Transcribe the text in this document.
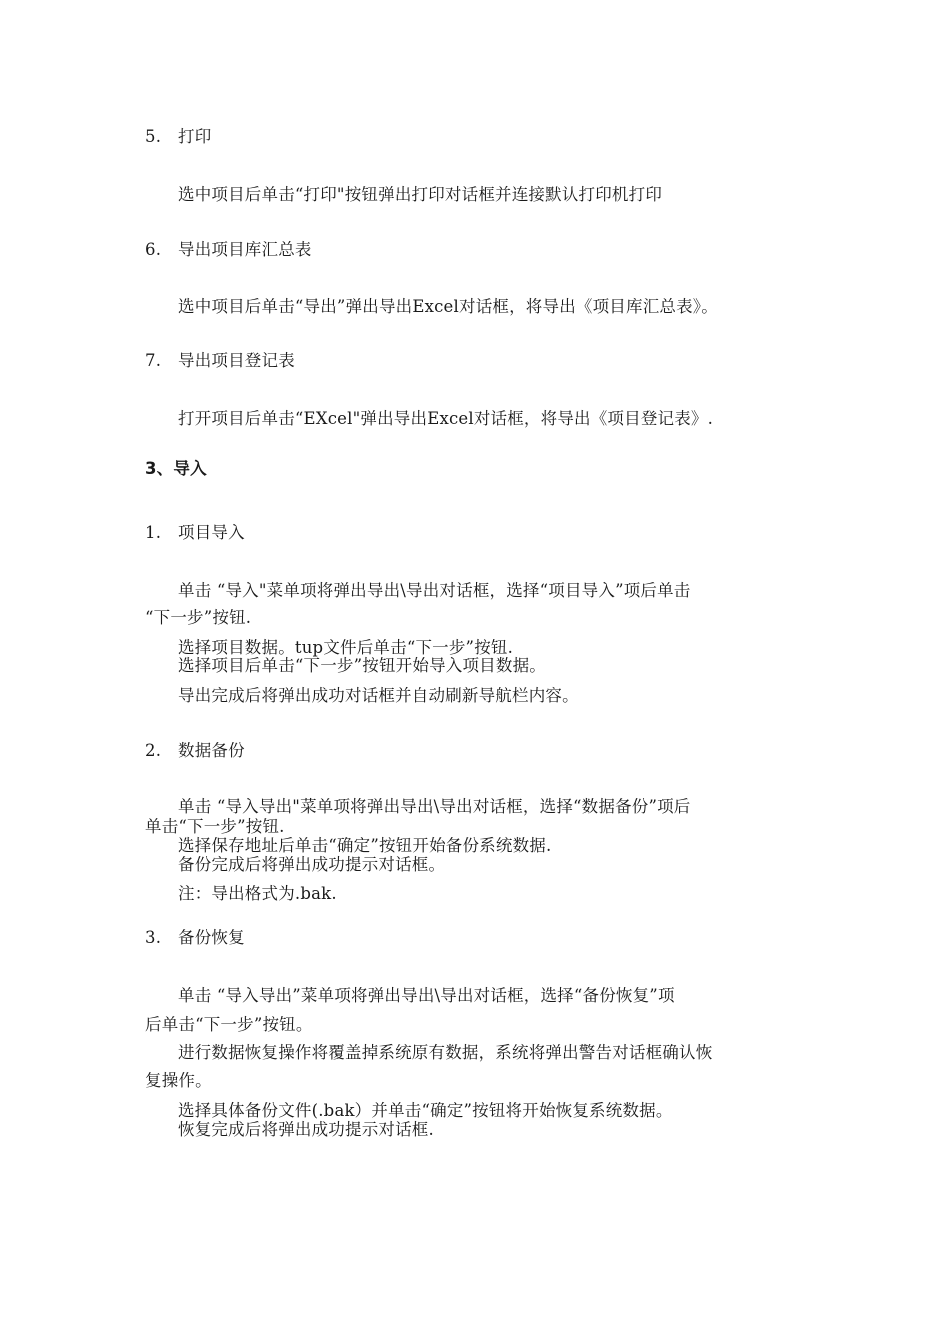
5. 打印
选中项目后单击“打印"按钮弹出打印对话框并连接默认打印机打印
6. 导出项目库汇总表
选中项目后单击“导出”弹出导出Excel对话框，将导出《项目库汇总表》。
7. 导出项目登记表
打开项目后单击“EXcel"弹出导出Excel对话框，将导出《项目登记表》.
3、导入
1. 项目导入
单击 “导入"菜单项将弹出导出\导出对话框，选择“项目导入”项后单击
“下一步”按钮.
选择项目数据。tup文件后单击“下一步”按钮.
选择项目后单击“下一步”按钮开始导入项目数据。
导出完成后将弹出成功对话框并自动刷新导航栏内容。
2. 数据备份
单击 “导入导出"菜单项将弹出导出\导出对话框，选择“数据备份”项后
单击“下一步”按钮.
选择保存地址后单击“确定”按钮开始备份系统数据.
备份完成后将弹出成功提示对话框。
注：导出格式为.bak.
3. 备份恢复
单击 “导入导出”菜单项将弹出导出\导出对话框，选择“备份恢复”项
后单击“下一步”按钮。
进行数据恢复操作将覆盖掉系统原有数据，系统将弹出警告对话框确认恢
复操作。
选择具体备份文件(.bak）并单击“确定”按钮将开始恢复系统数据。
恢复完成后将弹出成功提示对话框.
